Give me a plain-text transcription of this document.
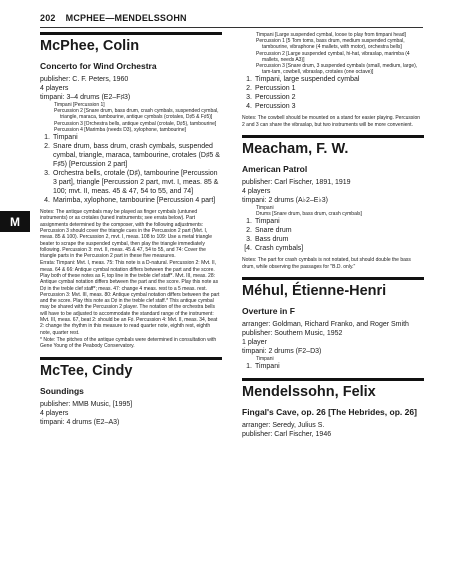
202 MCPHEE—MENDELSSOHN
M
McPhee, Colin
Concerto for Wind Orchestra
publisher: C. F. Peters, 1960
4 players
timpani: 3–4 drums (E2–F♯3)
Timpani [Percussion 1]
Percussion 2 [Snare drum, bass drum, crash cymbals, suspended cymbal, triangle, maraca, tambourine, antique cymbals (crotales, D♯5 & F♯5)]
Percussion 3 [Orchestra bells, antique cymbal (crotale, D♯5), tambourine]
Percussion 4 [Marimba (needs D3), xylophone, tambourine]
1. Timpani
2. Snare drum, bass drum, crash cymbals, suspended cymbal, triangle, maraca, tambourine, crotales (D♯5 & F♯5) [Percussion 2 part]
3. Orchestra bells, crotale (D♯), tambourine [Percussion 3 part], triangle [Percussion 2 part, mvt. I, meas. 85 & 100; mvt. II, meas. 45 & 47, 54 to 55, and 74]
4. Marimba, xylophone, tambourine [Percussion 4 part]

Notes: The antique cymbals may be played as finger cymbals (untuned instruments) or as crotales (tuned instruments; see errata below). Part assignments determined by the composer, with the following adjustments: Percussion 3 should cover the triangle cues in the Percussion 2 part (Mvt. I, meas. 85 & 100). Percussion 2, mvt. I, meas. 108 to 109: Use a metal triangle beater to scrape the suspended cymbal, then play the triangle immediately following. Percussion 3: mvt. II, meas. 45 & 47, 54 to 55, and 74: Cover the triangle parts in the Percussion 2 part in these five measures.

Errata: Timpani: Mvt. I, meas. 75: This note is a D-natural. Percussion 2: Mvt. II, meas. 64 & 66: Antique cymbal notation differs between the part and the score. Play both of these notes as F, top line in the treble clef staff*. Mvt. III, meas. 28: Antique cymbal notation differs between the part and the score. Play this note as D♯ in the treble clef staff*; meas. 47: change 4 meas. rest to a 5 meas. rest. Percussion 3: Mvt. III, meas. 80: Antique cymbal notation differs between the part and the score. Play this note as D♯ in the treble clef staff.* This antique cymbal may be shared with the Percussion 2 player. The notation of the orchestra bells will have to be adjusted to accommodate the standard range of the instrument: Mvt. III, meas. 67, beat 2: should be an F♯. Percussion 4: Mvt. II, meas. 34, beat 2: change the rhythm in this measure to read quarter note, eighth rest, eighth note, quarter rest.

* Note: The pitches of the antique cymbals were determined in consultation with Gene Young of the Peabody Conservatory.

McTee, Cindy
Soundings
publisher: MMB Music, [1995]
4 players
timpani: 4 drums (E2–A3)
Timpani [Large suspended cymbal, loose to play from timpani head]
Percussion 1 [5 Tom toms, bass drum, medium suspended cymbal, tambourine, vibraphone (4 mallets, with motor), orchestra bells]
Percussion 2 [Large suspended cymbal, hi-hat, vibraslap, marimba (4 mallets, needs A3)]
Percussion 3 [Snare drum, 3 suspended cymbals (small, medium, large), tam-tam, cowbell, vibraslap, crotales (one octave)]
1. Timpani, large suspended cymbal
2. Percussion 1
3. Percussion 2
4. Percussion 3
Notes: The cowbell should be mounted on a stand for easier playing. Percussion 2 and 3 can share the vibraslap, but two instruments will be more convenient.
Meacham, F. W.
American Patrol
publisher: Carl Fischer, 1891, 1919
4 players
timpani: 2 drums (A♭2–E♭3)
Timpani
Drums [Snare drum, bass drum, crash cymbals]
1. Timpani
2. Snare drum
3. Bass drum
[4. Crash cymbals]
Notes: The part for crash cymbals is not notated, but should double the bass drum, while observing the passages for "B.D. only."
Méhul, Étienne-Henri
Overture in F
arranger: Goldman, Richard Franko, and Roger Smith
publisher: Southern Music, 1952
1 player
timpani: 2 drums (F2–D3)
Timpani
1. Timpani
Mendelssohn, Felix
Fingal's Cave, op. 26 [The Hebrides, op. 26]
arranger: Seredy, Julius S.
publisher: Carl Fischer, 1946
